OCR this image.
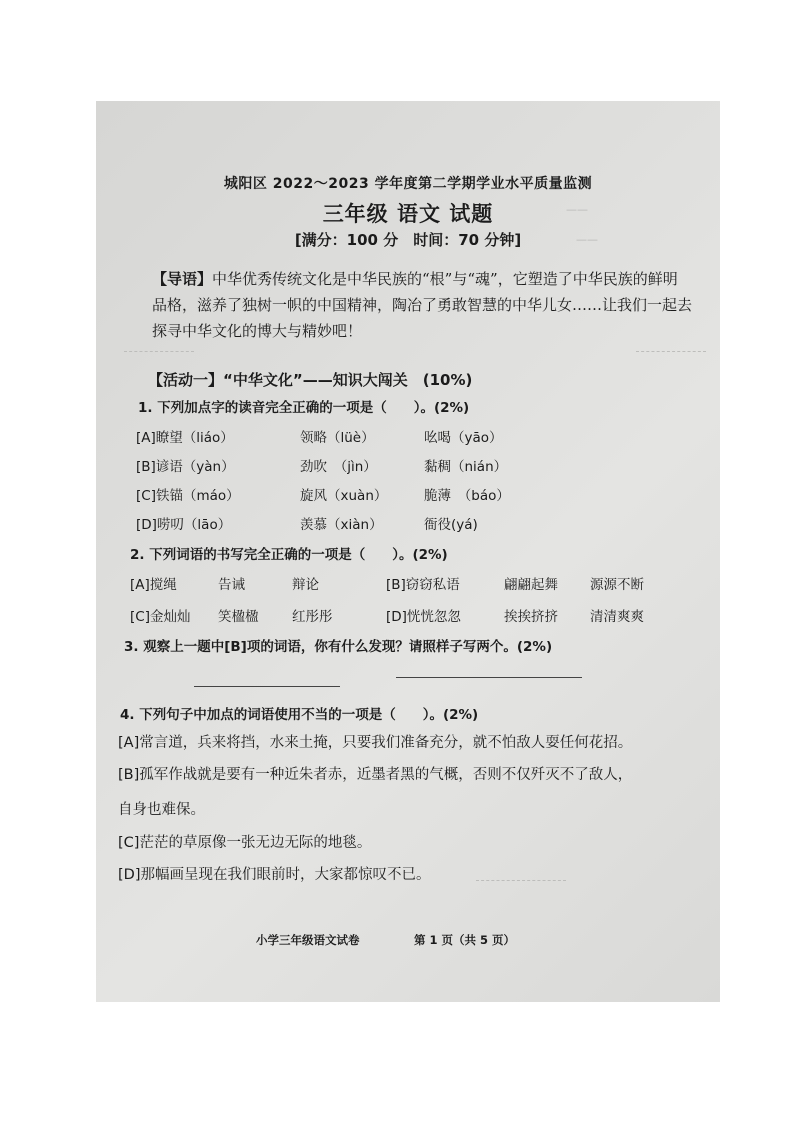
——
——
城阳区 2022～2023 学年度第二学期学业水平质量监测
三年级 语文 试题
[满分：100 分　时间：70 分钟]
【导语】中华优秀传统文化是中华民族的“根”与“魂”，它塑造了中华民族的鲜明品格，滋养了独树一帜的中国精神，陶冶了勇敢智慧的中华儿女……让我们一起去探寻中华文化的博大与精妙吧！
【活动一】“中华文化”——知识大闯关　(10%)
1. 下列加点字的读音完全正确的一项是（　　）。(2%)
[A]瞭望（liáo）	领略（lüè）	吆喝（yāo）
[B]谚语（yàn）	劲吹　（jìn）	黏稠（nián）
[C]铁锚（máo）	旋风（xuàn）	脆薄　（báo）
[D]唠叨（lāo）	羡慕（xiàn）	衙役(yá)
2. 下列词语的书写完全正确的一项是（　　）。(2%)
[A]搅绳	告诫	辩论	[B]窃窃私语	翩翩起舞 源源不断
[C]金灿灿 笑楹楹 红彤彤	[D]恍恍忽忽	挨挨挤挤 清清爽爽
3. 观察上一题中[B]项的词语，你有什么发现？请照样子写两个。(2%)
4. 下列句子中加点的词语使用不当的一项是（　　）。(2%)
[A]常言道，兵来将挡，水来土掩，只要我们准备充分，就不怕敌人耍任何花招。
[B]孤军作战就是要有一种近朱者赤，近墨者黑的气概，否则不仅歼灭不了敌人，
自身也难保。
[C]茫茫的草原像一张无边无际的地毯。
[D]那幅画呈现在我们眼前时，大家都惊叹不已。
小学三年级语文试卷	第 1 页（共 5 页）
